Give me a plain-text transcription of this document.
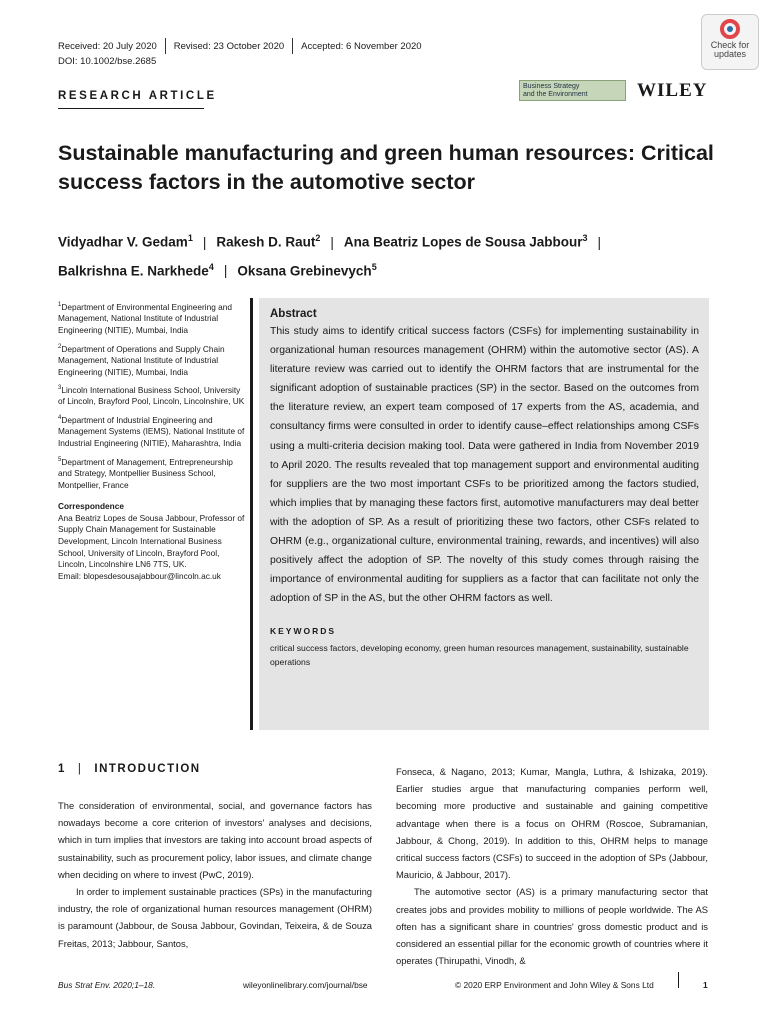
Received: 20 July 2020 Revised: 23 October 2020 Accepted: 6 November 2020
DOI: 10.1002/bse.2685
RESEARCH ARTICLE
Check for
updates
Business Strategy
and the Environment	WILEY
Sustainable manufacturing and green human resources: Critical
success factors in the automotive sector
Vidyadhar V. Gedam$^1$ | Rakesh D. Raut$^2$ | Ana Beatriz Lopes de Sousa Jabbour$^3$ |
Balkrishna E. Narkhede$^4$ | Oksana Grebinevych$^5$

$^1$Department of Environmental Engineering and Management, National Institute of Industrial Engineering (NITIE), Mumbai, India

$^2$Department of Operations and Supply Chain Management, National Institute of Industrial Engineering (NITIE), Mumbai, India

$^3$Lincoln International Business School, University of Lincoln, Brayford Pool, Lincoln, Lincolnshire, UK

$^4$Department of Industrial Engineering and Management Systems (IEMS), National Institute of Industrial Engineering (NITIE), Maharashtra, India

$^5$Department of Management, Entrepreneurship and Strategy, Montpellier Business School, Montpellier, France

Correspondence

Ana Beatriz Lopes de Sousa Jabbour, Professor of Supply Chain Management for Sustainable Development, Lincoln International Business School, University of Lincoln, Brayford Pool, Lincoln, Lincolnshire LN6 7TS, UK.
Email: blopesdesousajabbour@lincoln.ac.uk

Abstract

This study aims to identify critical success factors (CSFs) for implementing sustainability in organizational human resources management (OHRM) within the automotive sector (AS). A literature review was carried out to identify the OHRM factors that are instrumental for the significant adoption of sustainable practices (SP) in the sector. Based on the outcomes from the literature review, an expert team composed of 17 experts from the AS, academia, and consultancy firms were consulted in order to identify cause–effect relationships among CSFs using a multi-criteria decision making tool. Data were gathered in India from November 2019 to April 2020. The results revealed that top management support and environmental auditing for suppliers are the two most important CSFs to be prioritized among the factors studied, which implies that by managing these factors first, automotive manufacturers may deal better with the adoption of SP. As a result of prioritizing these two factors, other CSFs related to OHRM (e.g., organizational culture, environmental training, rewards, and incentives) will also positively affect the adoption of SP. The novelty of this study comes through raising the importance of environmental auditing for suppliers as a factor that can facilitate not only the adoption of SP in the AS, but the other OHRM factors as well.

KEYWORDS

critical success factors, developing economy, green human resources management, sustainability, sustainable operations

1 | INTRODUCTION

The consideration of environmental, social, and governance factors has nowadays become a core criterion of investors' analyses and decisions, which in turn implies that investors are taking into account broad aspects of sustainability, such as procurement policy, labor issues, and climate change when deciding on where to invest (PwC, 2019).

In order to implement sustainable practices (SPs) in the manufacturing industry, the role of organizational human resources management (OHRM) is paramount (Jabbour, de Sousa Jabbour, Govindan, Teixeira, & de Souza Freitas, 2013; Jabbour, Santos,

Fonseca, & Nagano, 2013; Kumar, Mangla, Luthra, & Ishizaka, 2019). Earlier studies argue that manufacturing companies perform well, becoming more productive and sustainable and gaining competitive advantage when there is a focus on OHRM (Roscoe, Subramanian, Jabbour, & Chong, 2019). In addition to this, OHRM helps to manage critical success factors (CSFs) to succeed in the adoption of SPs (Jabbour, Mauricio, & Jabbour, 2017).

The automotive sector (AS) is a primary manufacturing sector that creates jobs and provides mobility to millions of people worldwide. The AS often has a significant share in countries' gross domestic product and is considered an essential pillar for the economic growth of countries where it operates (Thirupathi, Vinodh, &

Bus Strat Env. 2020;1–18.	wileyonlinelibrary.com/journal/bse	© 2020 ERP Environment and John Wiley & Sons Ltd	1
